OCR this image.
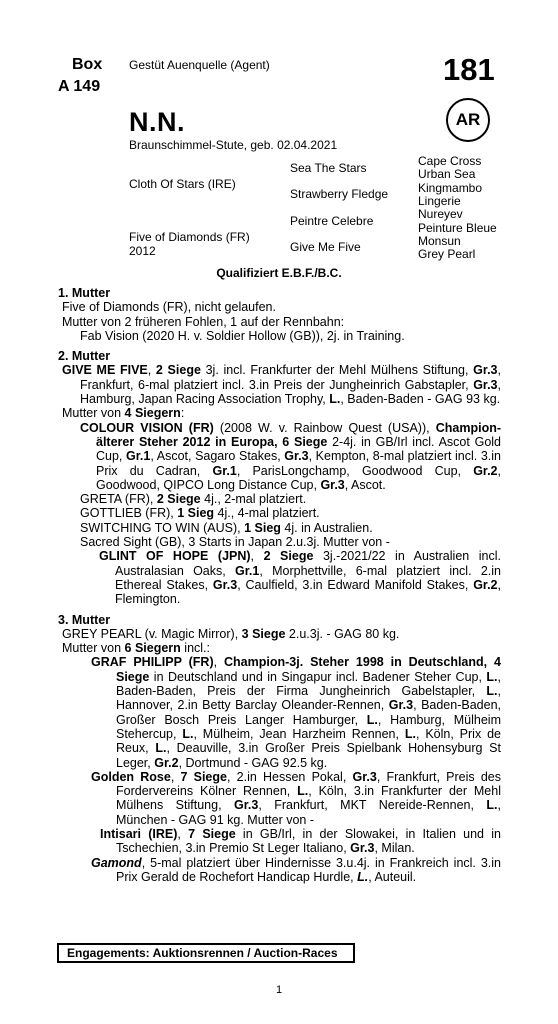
Box
A 149
Gestüt Auenquelle (Agent)	181
AR
N.N.
Braunschimmel-Stute, geb. 02.04.2021
Cloth Of Stars (IRE)
Five of Diamonds (FR)
2012
Sea The Stars
Strawberry Fledge
Peintre Celebre
Give Me Five
Cape Cross
Urban Sea
Kingmambo
Lingerie
Nureyev
Peinture Bleue
Monsun
Grey Pearl
Qualifiziert E.B.F./B.C.

1. Mutter

Five of Diamonds (FR), nicht gelaufen.

Mutter von 2 früheren Fohlen, 1 auf der Rennbahn:

Fab Vision (2020 H. v. Soldier Hollow (GB)), 2j. in Training.

2. Mutter

GIVE ME FIVE, 2 Siege 3j. incl. Frankfurter der Mehl Mülhens Stiftung, Gr.3, Frankfurt, 6-mal platziert incl. 3.in Preis der Jungheinrich Gabstapler, Gr.3, Hamburg, Japan Racing Association Trophy, L., Baden-Baden - GAG 93 kg.

Mutter von 4 Siegern:

COLOUR VISION (FR) (2008 W. v. Rainbow Quest (USA)), Champion-älterer Steher 2012 in Europa, 6 Siege 2-4j. in GB/Irl incl. Ascot Gold Cup, Gr.1, Ascot, Sagaro Stakes, Gr.3, Kempton, 8-mal platziert incl. 3.in Prix du Cadran, Gr.1, ParisLongchamp, Goodwood Cup, Gr.2, Goodwood, QIPCO Long Distance Cup, Gr.3, Ascot.

GRETA (FR), 2 Siege 4j., 2-mal platziert.

GOTTLIEB (FR), 1 Sieg 4j., 4-mal platziert.

SWITCHING TO WIN (AUS), 1 Sieg 4j. in Australien.

Sacred Sight (GB), 3 Starts in Japan 2.u.3j. Mutter von -

GLINT OF HOPE (JPN), 2 Siege 3j.-2021/22 in Australien incl. Australasian Oaks, Gr.1, Morphettville, 6-mal platziert incl. 2.in Ethereal Stakes, Gr.3, Caulfield, 3.in Edward Manifold Stakes, Gr.2, Flemington.

3. Mutter

GREY PEARL (v. Magic Mirror), 3 Siege 2.u.3j. - GAG 80 kg.

Mutter von 6 Siegern incl.:

GRAF PHILIPP (FR), Champion-3j. Steher 1998 in Deutschland, 4 Siege in Deutschland und in Singapur incl. Badener Steher Cup, L., Baden-Baden, Preis der Firma Jungheinrich Gabelstapler, L., Hannover, 2.in Betty Barclay Oleander-Rennen, Gr.3, Baden-Baden, Großer Bosch Preis Langer Hamburger, L., Hamburg, Mülheim Stehercup, L., Mülheim, Jean Harzheim Rennen, L., Köln, Prix de Reux, L., Deauville, 3.in Großer Preis Spielbank Hohensyburg St Leger, Gr.2, Dortmund - GAG 92.5 kg.

Golden Rose, 7 Siege, 2.in Hessen Pokal, Gr.3, Frankfurt, Preis des Fordervereins Kölner Rennen, L., Köln, 3.in Frankfurter der Mehl Mülhens Stiftung, Gr.3, Frankfurt, MKT Nereide-Rennen, L., München - GAG 91 kg. Mutter von -

Intisari (IRE), 7 Siege in GB/Irl, in der Slowakei, in Italien und in Tschechien, 3.in Premio St Leger Italiano, Gr.3, Milan.

Gamond, 5-mal platziert über Hindernisse 3.u.4j. in Frankreich incl. 3.in Prix Gerald de Rochefort Handicap Hurdle, L., Auteuil.

Engagements: Auktionsrennen / Auction-Races
1
